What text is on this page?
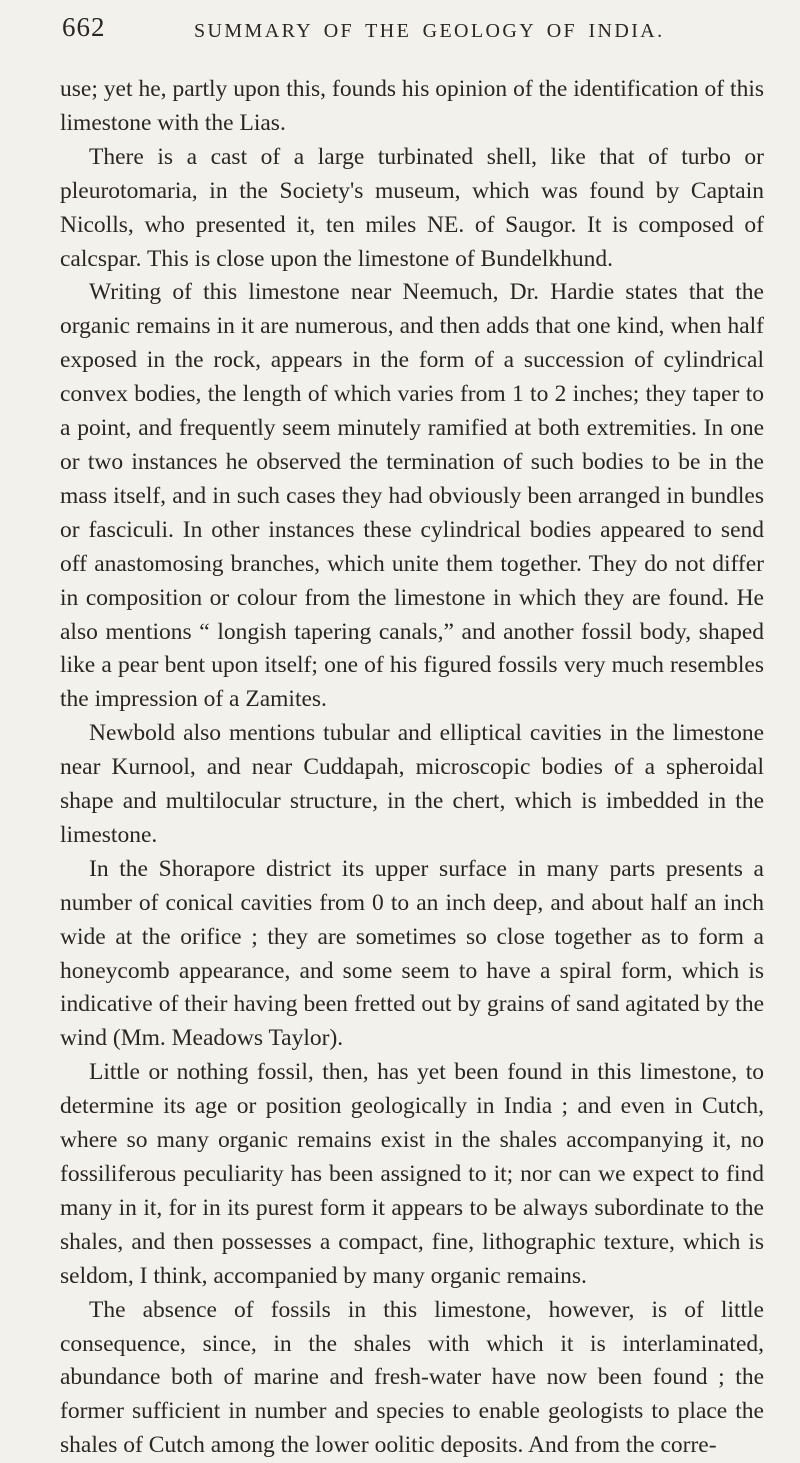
662	SUMMARY OF THE GEOLOGY OF INDIA.

use; yet he, partly upon this, founds his opinion of the identification of this limestone with the Lias.

There is a cast of a large turbinated shell, like that of turbo or pleurotomaria, in the Society's museum, which was found by Captain Nicolls, who presented it, ten miles NE. of Saugor. It is composed of calcspar. This is close upon the limestone of Bundelkhund.

Writing of this limestone near Neemuch, Dr. Hardie states that the organic remains in it are numerous, and then adds that one kind, when half exposed in the rock, appears in the form of a succession of cylindrical convex bodies, the length of which varies from 1 to 2 inches; they taper to a point, and frequently seem minutely ramified at both extremities. In one or two instances he observed the termination of such bodies to be in the mass itself, and in such cases they had obviously been arranged in bundles or fasciculi. In other instances these cylindrical bodies appeared to send off anastomosing branches, which unite them together. They do not differ in composition or colour from the limestone in which they are found. He also mentions “ longish tapering canals,” and another fossil body, shaped like a pear bent upon itself; one of his figured fossils very much resembles the impression of a Zamites.

Newbold also mentions tubular and elliptical cavities in the limestone near Kurnool, and near Cuddapah, microscopic bodies of a spheroidal shape and multilocular structure, in the chert, which is imbedded in the limestone.

In the Shorapore district its upper surface in many parts presents a number of conical cavities from 0 to an inch deep, and about half an inch wide at the orifice ; they are sometimes so close together as to form a honeycomb appearance, and some seem to have a spiral form, which is indicative of their having been fretted out by grains of sand agitated by the wind (Mm. Meadows Taylor).

Little or nothing fossil, then, has yet been found in this limestone, to determine its age or position geologically in India ; and even in Cutch, where so many organic remains exist in the shales accompanying it, no fossiliferous peculiarity has been assigned to it; nor can we expect to find many in it, for in its purest form it appears to be always subordinate to the shales, and then possesses a compact, fine, lithographic texture, which is seldom, I think, accompanied by many organic remains.

The absence of fossils in this limestone, however, is of little consequence, since, in the shales with which it is interlaminated, abundance both of marine and fresh-water have now been found ; the former sufficient in number and species to enable geologists to place the shales of Cutch among the lower oolitic deposits. And from the corre-
